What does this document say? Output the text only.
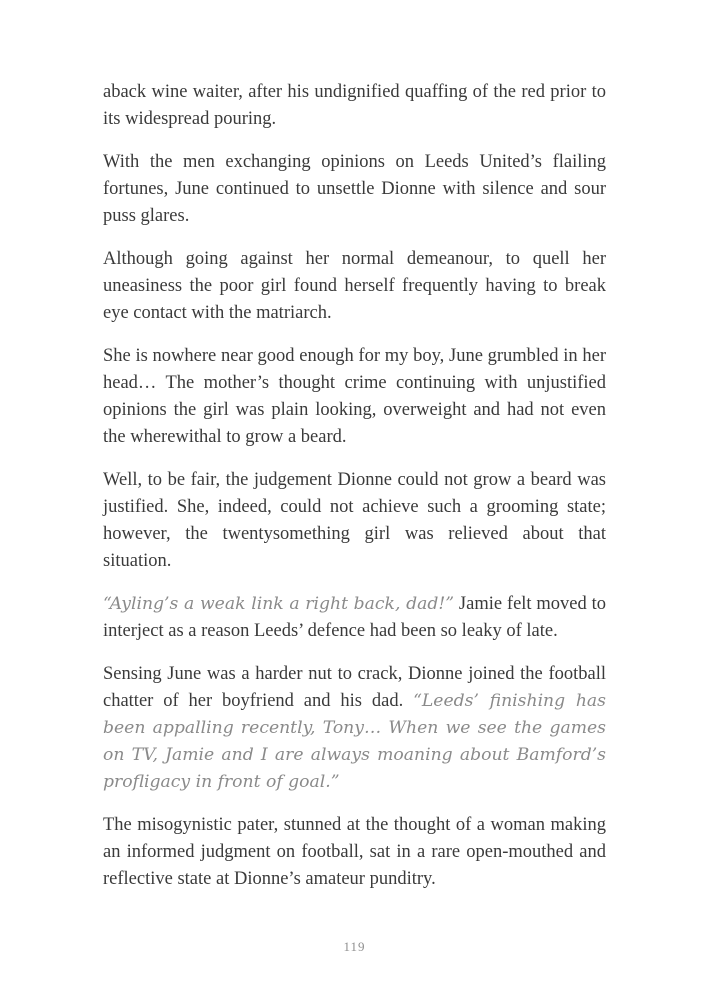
aback wine waiter, after his undignified quaffing of the red prior to its widespread pouring.

With the men exchanging opinions on Leeds United’s flailing fortunes, June continued to unsettle Dionne with silence and sour puss glares.

Although going against her normal demeanour, to quell her uneasiness the poor girl found herself frequently having to break eye contact with the matriarch.

She is nowhere near good enough for my boy, June grumbled in her head… The mother’s thought crime continuing with unjustified opinions the girl was plain looking, overweight and had not even the wherewithal to grow a beard.

Well, to be fair, the judgement Dionne could not grow a beard was justified. She, indeed, could not achieve such a grooming state; however, the twentysomething girl was relieved about that situation.

“Ayling’s a weak link a right back, dad!” Jamie felt moved to interject as a reason Leeds’ defence had been so leaky of late.

Sensing June was a harder nut to crack, Dionne joined the football chatter of her boyfriend and his dad. “Leeds’ finishing has been appalling recently, Tony… When we see the games on TV, Jamie and I are always moaning about Bamford’s profligacy in front of goal.”

The misogynistic pater, stunned at the thought of a woman making an informed judgment on football, sat in a rare open-mouthed and reflective state at Dionne’s amateur punditry.

119
